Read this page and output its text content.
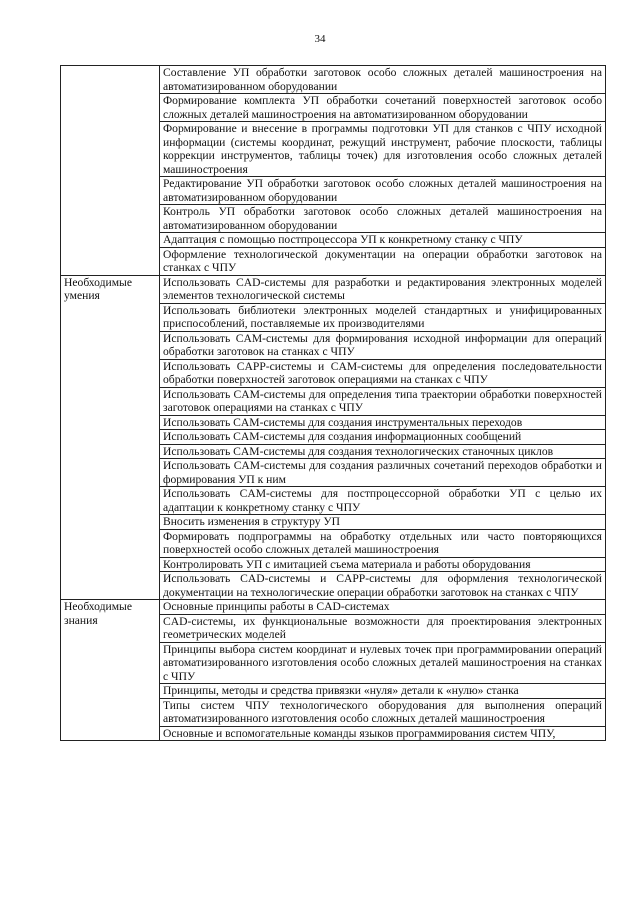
34
	Составление УП обработки заготовок особо сложных деталей машиностроения на автоматизированном оборудовании
	Формирование комплекта УП обработки сочетаний поверхностей заготовок особо сложных деталей машиностроения на автоматизированном оборудовании
	Формирование и внесение в программы подготовки УП для станков с ЧПУ исходной информации (системы координат, режущий инструмент, рабочие плоскости, таблицы коррекции инструментов, таблицы точек) для изготовления особо сложных деталей машиностроения
	Редактирование УП обработки заготовок особо сложных деталей машиностроения на автоматизированном оборудовании
	Контроль УП обработки заготовок особо сложных деталей машиностроения на автоматизированном оборудовании
	Адаптация с помощью постпроцессора УП к конкретному станку с ЧПУ
	Оформление технологической документации на операции обработки заготовок на станках с ЧПУ
Необходимые умения	Использовать CAD-системы для разработки и редактирования электронных моделей элементов технологической системы
	Использовать библиотеки электронных моделей стандартных и унифицированных приспособлений, поставляемые их производителями
	Использовать CAM-системы для формирования исходной информации для операций обработки заготовок на станках с ЧПУ
	Использовать CAPP-системы и CAM-системы для определения последовательности обработки поверхностей заготовок операциями на станках с ЧПУ
	Использовать CAM-системы для определения типа траектории обработки поверхностей заготовок операциями на станках с ЧПУ
	Использовать CAM-системы для создания инструментальных переходов
	Использовать CAM-системы для создания информационных сообщений
	Использовать CAM-системы для создания технологических станочных циклов
	Использовать CAM-системы для создания различных сочетаний переходов обработки и формирования УП к ним
	Использовать CAM-системы для постпроцессорной обработки УП с целью их адаптации к конкретному станку с ЧПУ
	Вносить изменения в структуру УП
	Формировать подпрограммы на обработку отдельных или часто повторяющихся поверхностей особо сложных деталей машиностроения
	Контролировать УП с имитацией съема материала и работы оборудования
	Использовать CAD-системы и CAPP-системы для оформления технологической документации на технологические операции обработки заготовок на станках с ЧПУ
Необходимые знания	Основные принципы работы в CAD-системах
	CAD-системы, их функциональные возможности для проектирования электронных геометрических моделей
	Принципы выбора систем координат и нулевых точек при программировании операций автоматизированного изготовления особо сложных деталей машиностроения на станках с ЧПУ
	Принципы, методы и средства привязки «нуля» детали к «нулю» станка
	Типы систем ЧПУ технологического оборудования для выполнения операций автоматизированного изготовления особо сложных деталей машиностроения
	Основные и вспомогательные команды языков программирования систем ЧПУ,
